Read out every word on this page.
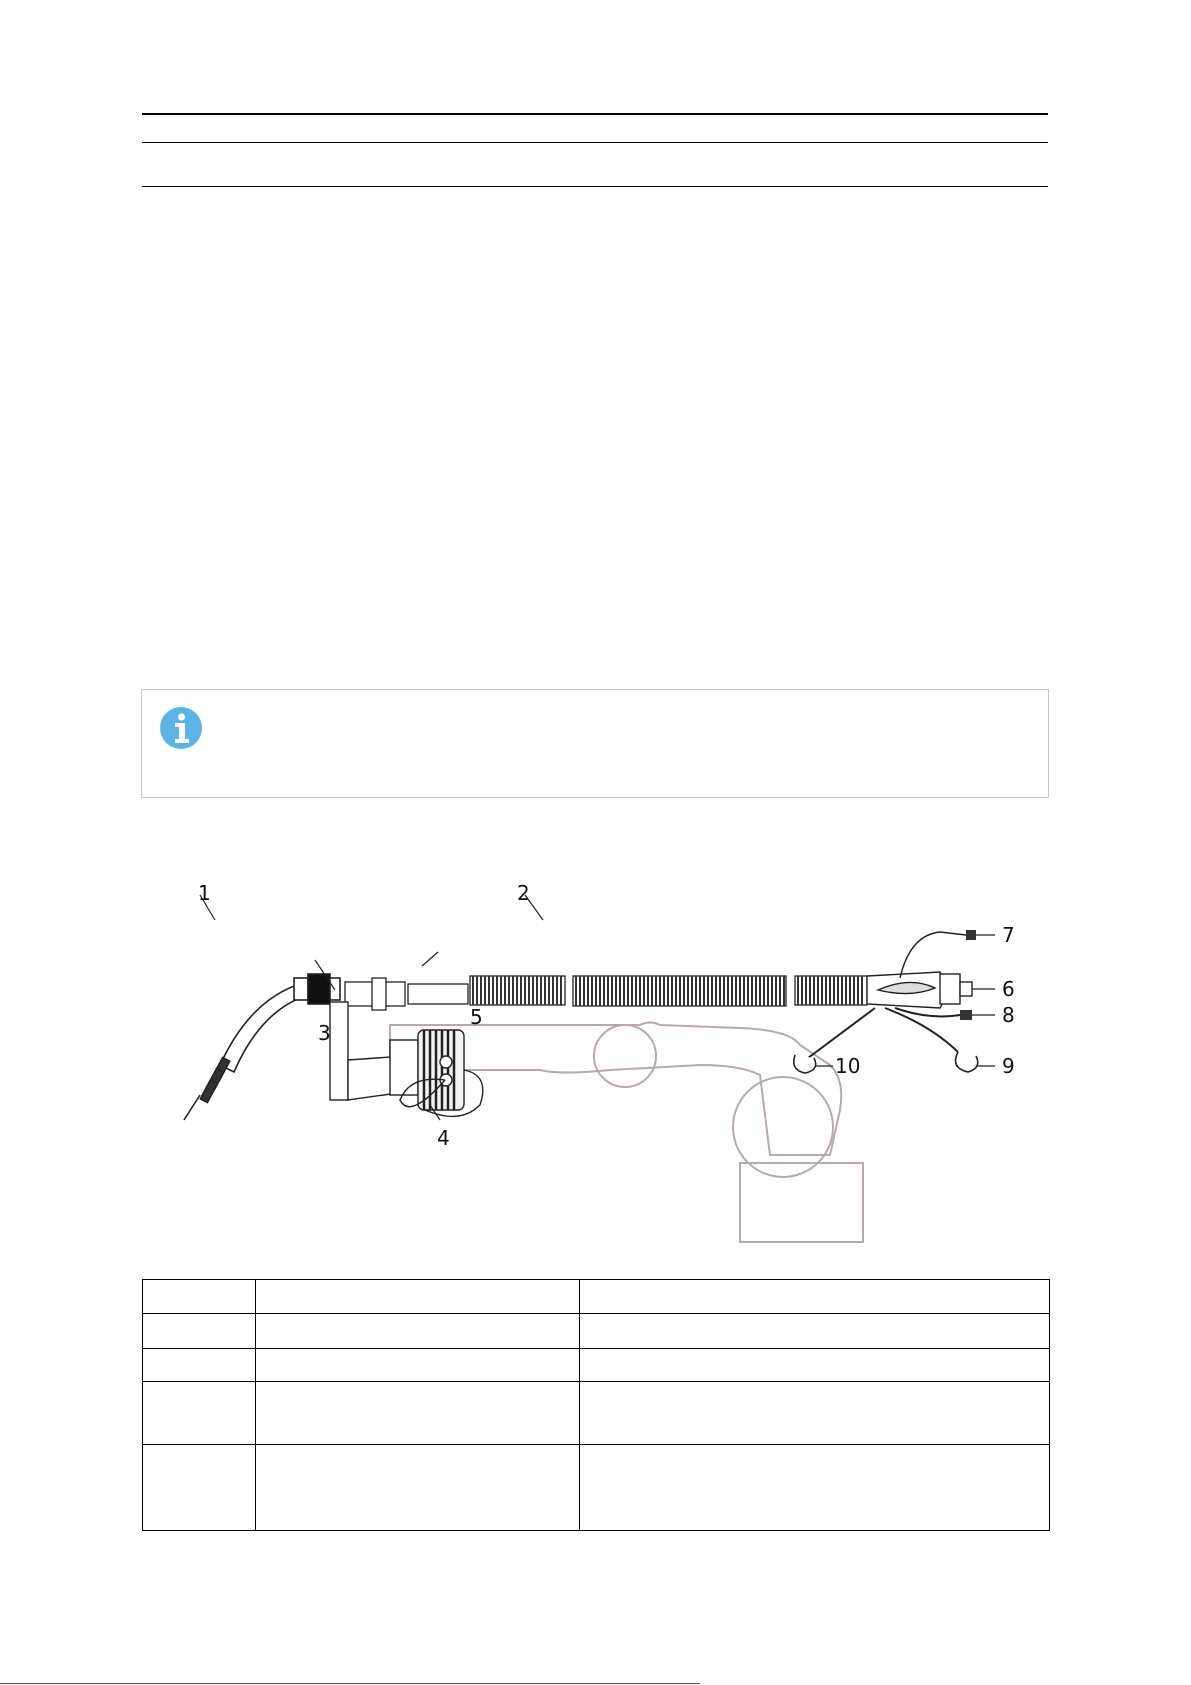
1	2
3
4
5
6
7
8
9
10
A
